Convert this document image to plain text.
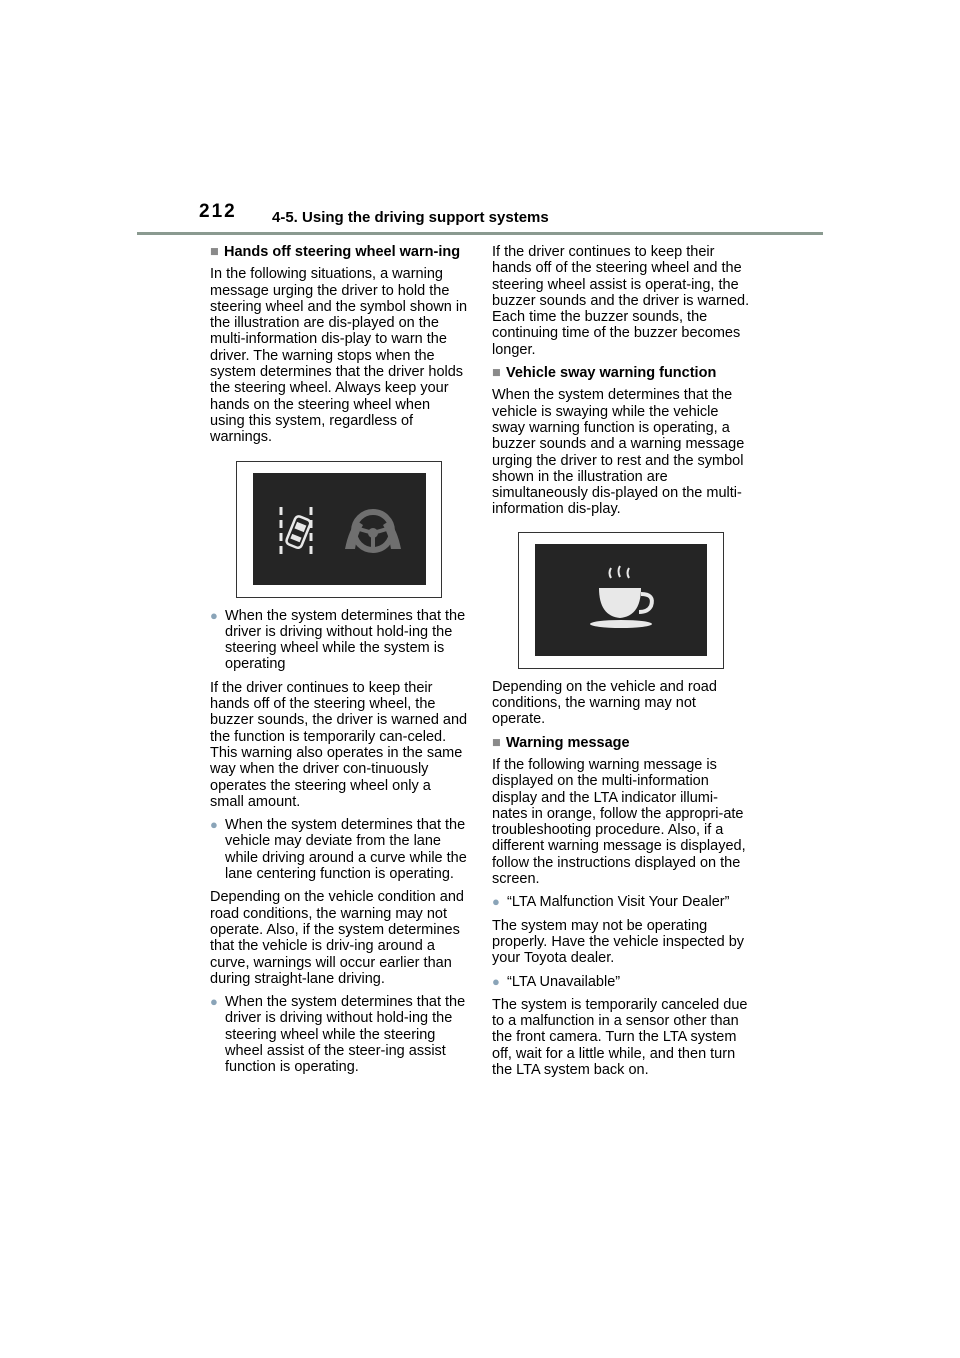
212 4-5. Using the driving support systems
■ Hands off steering wheel warn-ing

In the following situations, a warning message urging the driver to hold the steering wheel and the symbol shown in the illustration are dis-played on the multi-information dis-play to warn the driver. The warning stops when the system determines that the driver holds the steering wheel. Always keep your hands on the steering wheel when using this system, regardless of warnings.

● When the system determines that the driver is driving without hold-ing the steering wheel while the system is operating

If the driver continues to keep their hands off of the steering wheel, the buzzer sounds, the driver is warned and the function is temporarily can-celed. This warning also operates in the same way when the driver con-tinuously operates the steering wheel only a small amount.

● When the system determines that the vehicle may deviate from the lane while driving around a curve while the lane centering function is operating.

Depending on the vehicle condition and road conditions, the warning may not operate. Also, if the system determines that the vehicle is driv-ing around a curve, warnings will occur earlier than during straight-lane driving.

● When the system determines that the driver is driving without hold-ing the steering wheel while the steering wheel assist of the steer-ing assist function is operating.

If the driver continues to keep their hands off of the steering wheel and the steering wheel assist is operat-ing, the buzzer sounds and the driver is warned. Each time the buzzer sounds, the continuing time of the buzzer becomes longer.

■ Vehicle sway warning function

When the system determines that the vehicle is swaying while the vehicle sway warning function is operating, a buzzer sounds and a warning message urging the driver to rest and the symbol shown in the illustration are simultaneously dis-played on the multi-information dis-play.

Depending on the vehicle and road conditions, the warning may not operate.

■ Warning message

If the following warning message is displayed on the multi-information display and the LTA indicator illumi-nates in orange, follow the appropri-ate troubleshooting procedure. Also, if a different warning message is displayed, follow the instructions displayed on the screen.

● “LTA Malfunction Visit Your Dealer”

The system may not be operating properly. Have the vehicle inspected by your Toyota dealer.

● “LTA Unavailable”

The system is temporarily canceled due to a malfunction in a sensor other than the front camera. Turn the LTA system off, wait for a little while, and then turn the LTA system back on.
